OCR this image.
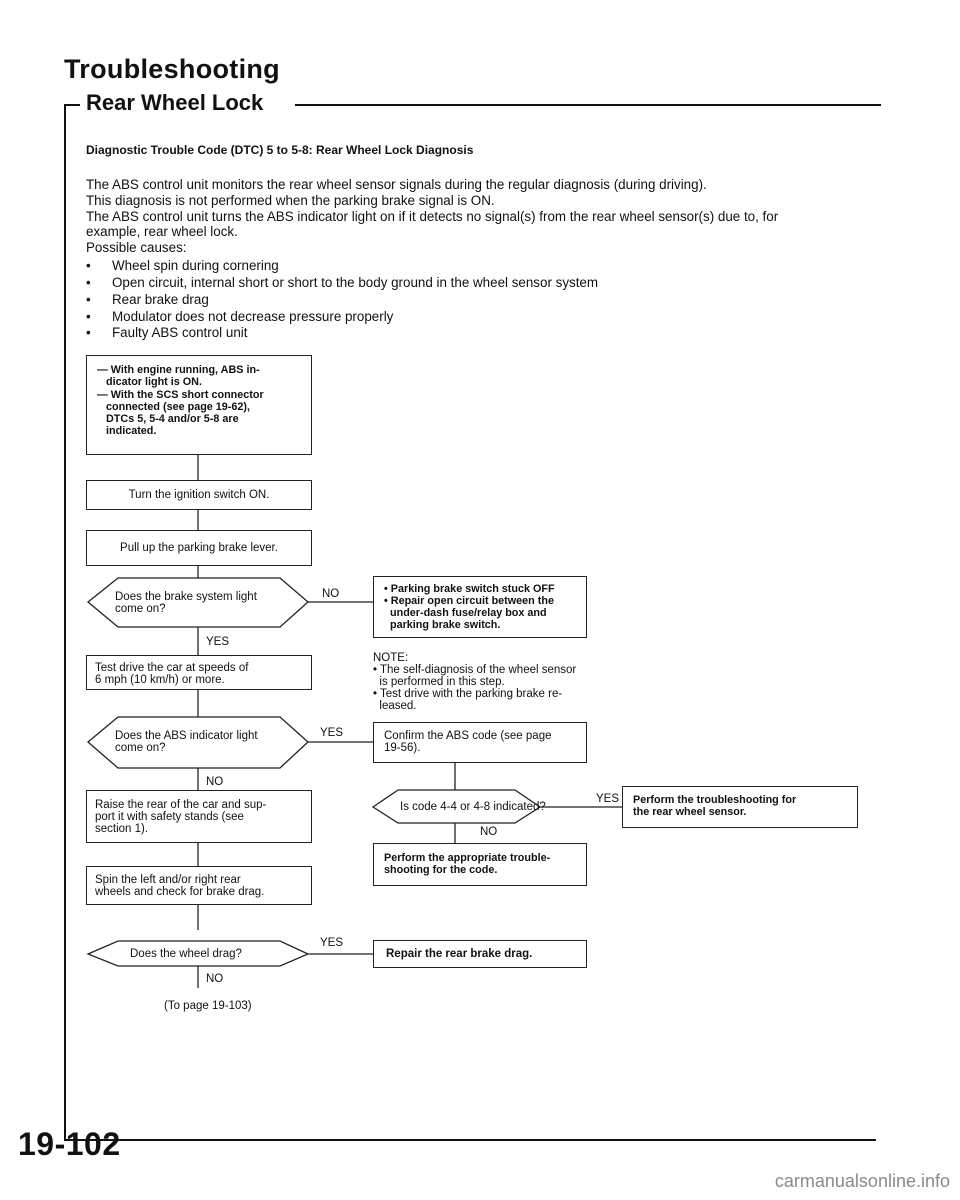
Troubleshooting
Rear Wheel Lock
Diagnostic Trouble Code (DTC) 5 to 5-8: Rear Wheel Lock Diagnosis
The ABS control unit monitors the rear wheel sensor signals during the regular diagnosis (during driving).
This diagnosis is not performed when the parking brake signal is ON.
The ABS control unit turns the ABS indicator light on if it detects no signal(s) from the rear wheel sensor(s) due to, for
example, rear wheel lock.
Possible causes:
• Wheel spin during cornering
• Open circuit, internal short or short to the body ground in the wheel sensor system
• Rear brake drag
• Modulator does not decrease pressure properly
• Faulty ABS control unit
— With engine running, ABS in-
dicator light is ON.
— With the SCS short connector
connected (see page 19-62),
DTCs 5, 5-4 and/or 5-8 are
indicated.
Turn the ignition switch ON.
Pull up the parking brake lever.
Does the brake system light
come on?
NO	• Parking brake switch stuck OFF
• Repair open circuit between the
under-dash fuse/relay box and
parking brake switch.
YES
Test drive the car at speeds of
6 mph (10 km/h) or more.
NOTE:
• The self-diagnosis of the wheel sensor
is performed in this step.
• Test drive with the parking brake re-
leased.
Does the ABS indicator light
come on?
YES	Confirm the ABS code (see page
19-56).
NO
Is code 4-4 or 4-8 indicated?
YES	Perform the troubleshooting for
the rear wheel sensor.
NO
Perform the appropriate trouble-
shooting for the code.
Raise the rear of the car and sup-
port it with safety stands (see
section 1).
Spin the left and/or right rear
wheels and check for brake drag.
Does the wheel drag?
YES
Repair the rear brake drag.
NO
(To page 19-103)
19-102
carmanualsonline.info
